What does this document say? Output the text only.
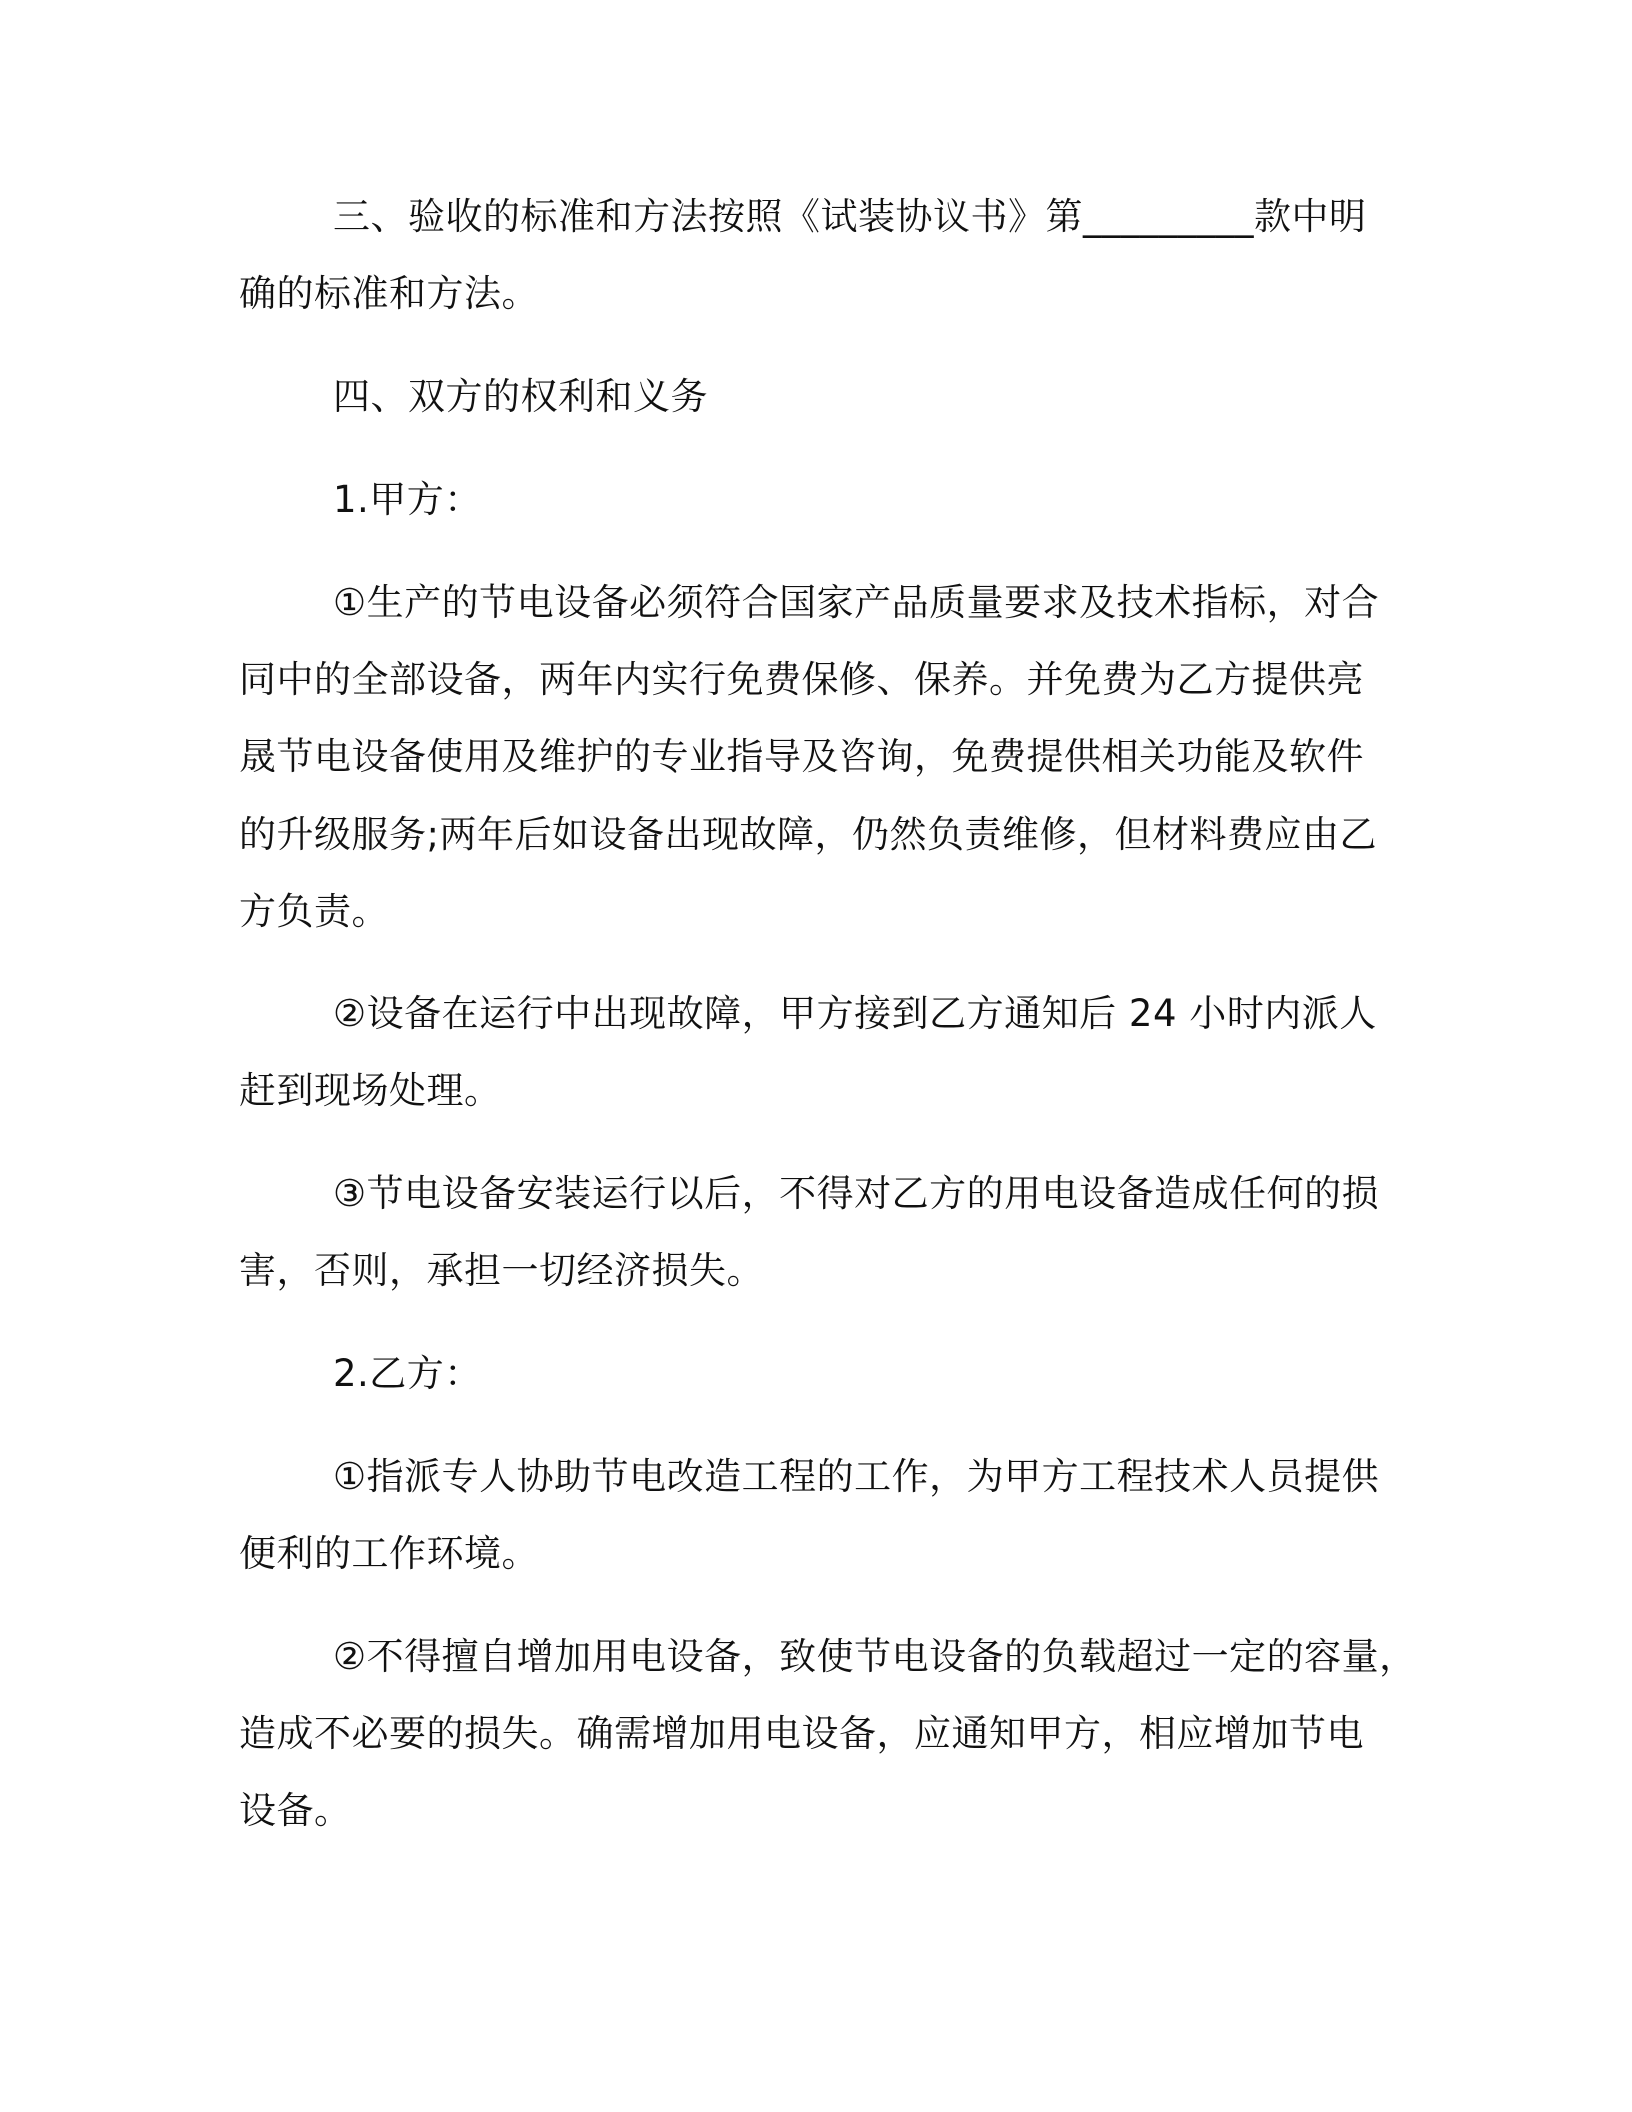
三、验收的标准和方法按照《试装协议书》第_________款中明
确的标准和方法。
四、双方的权利和义务
1.甲方：
①生产的节电设备必须符合国家产品质量要求及技术指标，对合
同中的全部设备，两年内实行免费保修、保养。并免费为乙方提供亮
晟节电设备使用及维护的专业指导及咨询，免费提供相关功能及软件
的升级服务;两年后如设备出现故障，仍然负责维修，但材料费应由乙
方负责。
②设备在运行中出现故障，甲方接到乙方通知后 24 小时内派人
赶到现场处理。
③节电设备安装运行以后，不得对乙方的用电设备造成任何的损
害，否则，承担一切经济损失。
2.乙方：
①指派专人协助节电改造工程的工作，为甲方工程技术人员提供
便利的工作环境。
②不得擅自增加用电设备，致使节电设备的负载超过一定的容量，
造成不必要的损失。确需增加用电设备，应通知甲方，相应增加节电
设备。
